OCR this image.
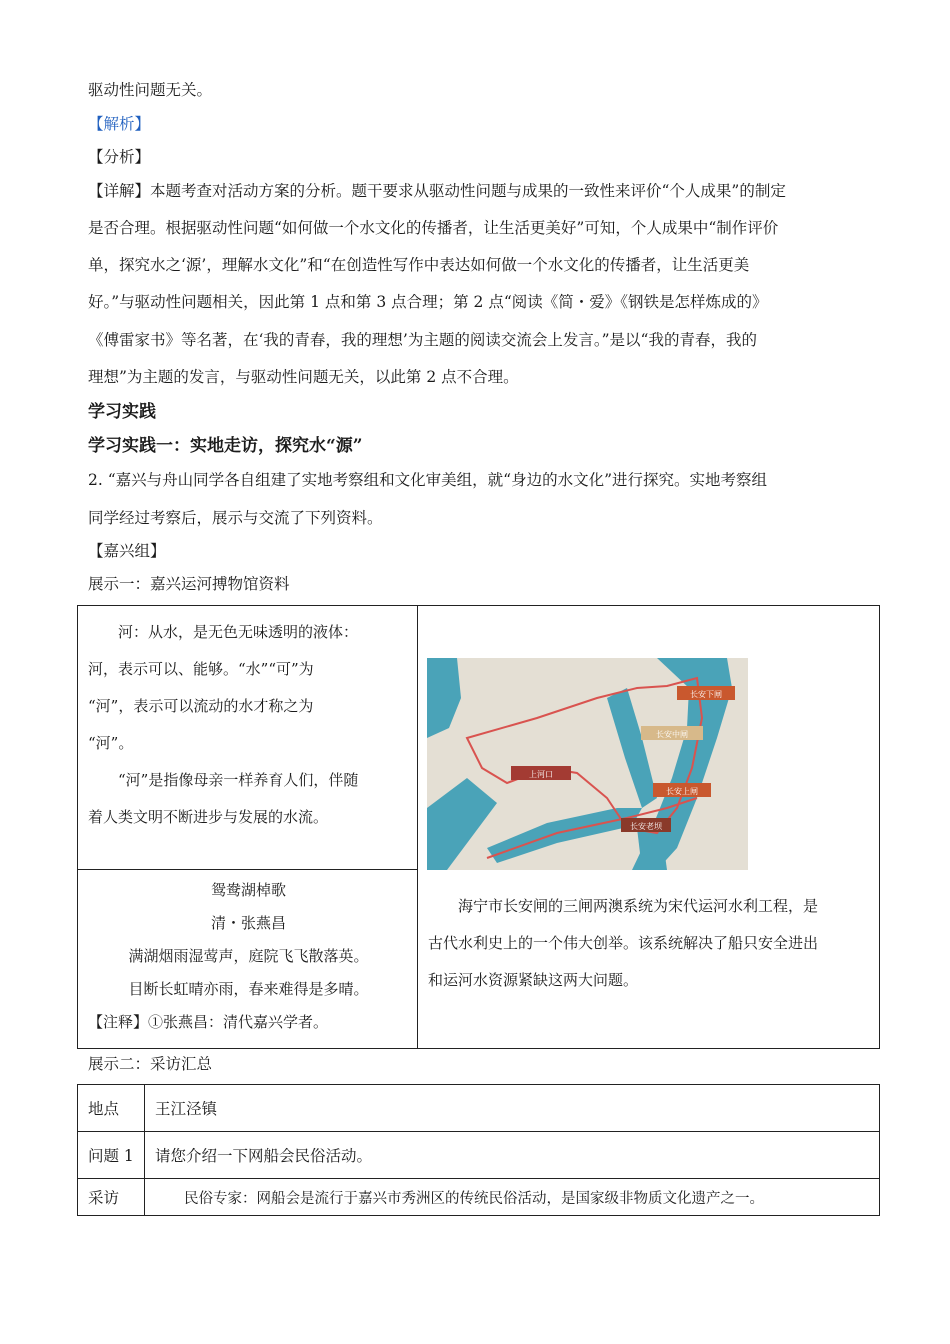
驱动性问题无关。
【解析】
【分析】
【详解】本题考查对活动方案的分析。题干要求从驱动性问题与成果的一致性来评价“个人成果”的制定
是否合理。根据驱动性问题“如何做一个水文化的传播者，让生活更美好”可知，个人成果中“制作评价
单，探究水之‘源’，理解水文化”和“在创造性写作中表达如何做一个水文化的传播者，让生活更美
好。”与驱动性问题相关，因此第 1 点和第 3 点合理；第 2 点“阅读《简・爱》《钢铁是怎样炼成的》
《傅雷家书》等名著，在‘我的青春，我的理想’为主题的阅读交流会上发言。”是以“我的青春，我的
理想”为主题的发言，与驱动性问题无关，以此第 2 点不合理。
学习实践
学习实践一：实地走访，探究水“源”
2. “嘉兴与舟山同学各自组建了实地考察组和文化审美组，就“身边的水文化”进行探究。实地考察组
同学经过考察后，展示与交流了下列资料。
【嘉兴组】
展示一：嘉兴运河搏物馆资料
河：从水，是无色无味透明的液体：
河，表示可以、能够。“水”“可”为
“河”，表示可以流动的水才称之为
“河”。
“河”是指像母亲一样养育人们，伴随
着人类文明不断进步与发展的水流。

长安下闸
长安中闸
上河口
长安上闸
长安老坝
海宁市长安闸的三闸两澳系统为宋代运河水利工程，是
古代水利史上的一个伟大创举。该系统解决了船只安全进出
和运河水资源紧缺这两大问题。

鸳鸯湖棹歌
清・张燕昌
满湖烟雨湿莺声，庭院飞飞散落英。
目断长虹晴亦雨，春来难得是多晴。
【注释】①张燕昌：清代嘉兴学者。
展示二：采访汇总
地点	王江泾镇
问题 1	请您介绍一下网船会民俗活动。
采访	民俗专家：网船会是流行于嘉兴市秀洲区的传统民俗活动，是国家级非物质文化遗产之一。
